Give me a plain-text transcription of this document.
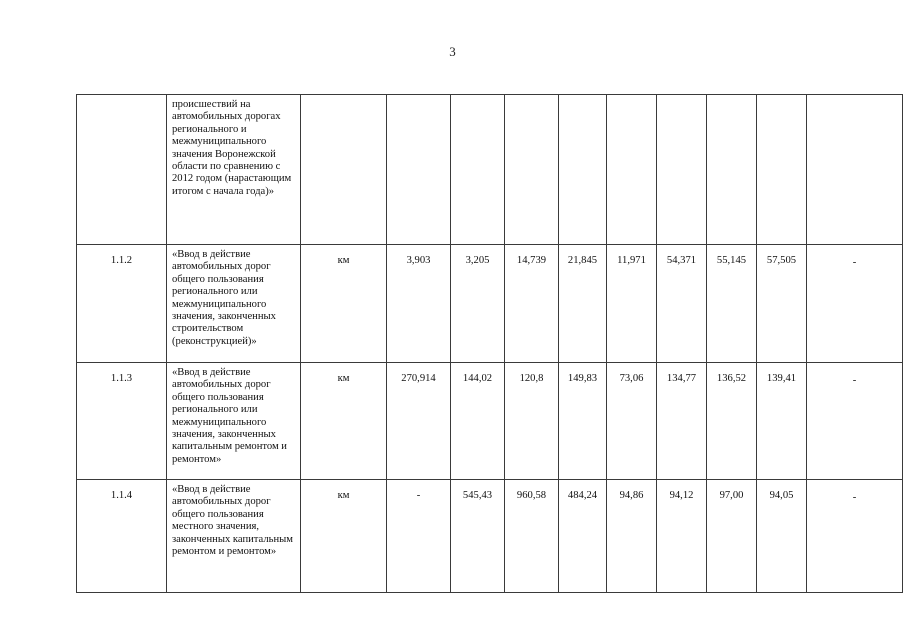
3
	происшествий на автомобильных дорогах регионального и межмуниципального значения Воронежской области по сравнению с 2012 годом (нарастающим итогом с начала года)»										
1.1.2	«Ввод в действие автомобильных дорог общего пользования регионального или межмуниципального значения, законченных строительством (реконструкцией)»	км	3,903	3,205	14,739	21,845	11,971	54,371	55,145	57,505	-
1.1.3	«Ввод в действие автомобильных дорог общего пользования регионального или межмуниципального значения, законченных капитальным ремонтом и ремонтом»	км	270,914	144,02	120,8	149,83	73,06	134,77	136,52	139,41	-
1.1.4	«Ввод в действие автомобильных дорог общего пользования местного значения, законченных капитальным ремонтом и ремонтом»	км	-	545,43	960,58	484,24	94,86	94,12	97,00	94,05	-
